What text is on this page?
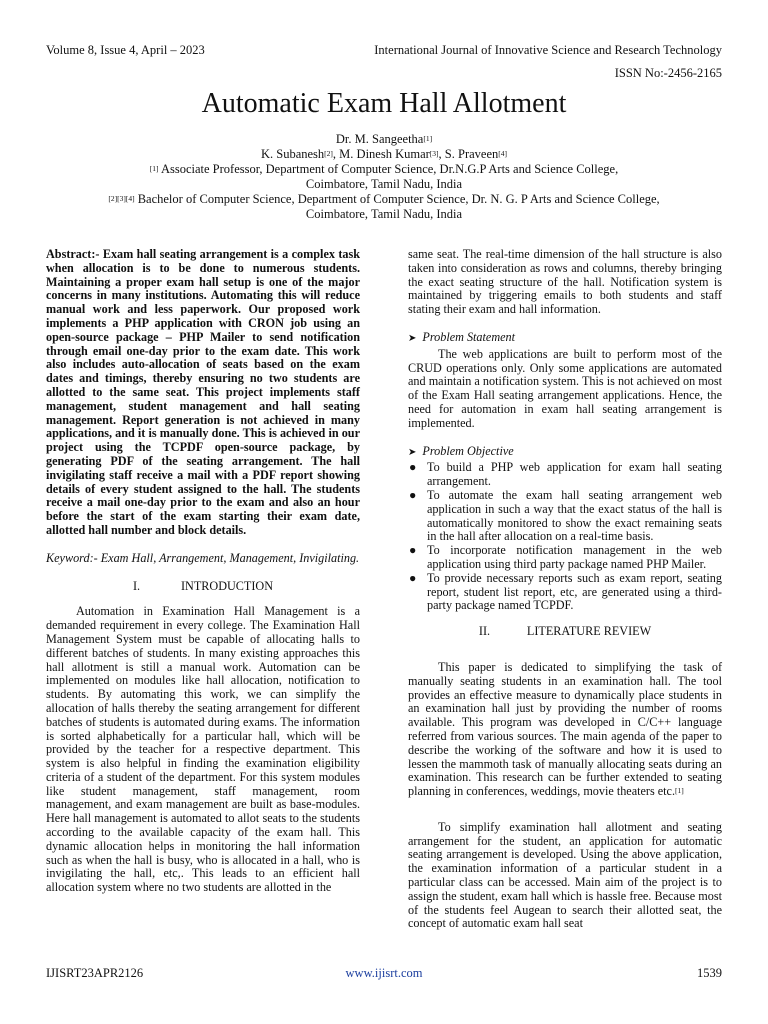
Volume 8, Issue 4, April – 2023	International Journal of Innovative Science and Research Technology
ISSN No:-2456-2165
Automatic Exam Hall Allotment
Dr. M. Sangeetha[1]
K. Subanesh[2], M. Dinesh Kumar[3], S. Praveen[4]
[1] Associate Professor, Department of Computer Science, Dr.N.G.P Arts and Science College,
Coimbatore, Tamil Nadu, India
[2][3][4] Bachelor of Computer Science, Department of Computer Science, Dr. N. G. P Arts and Science College,
Coimbatore, Tamil Nadu, India

Abstract:- Exam hall seating arrangement is a complex task when allocation is to be done to numerous students. Maintaining a proper exam hall setup is one of the major concerns in many institutions. Automating this will reduce manual work and less paperwork. Our proposed work implements a PHP application with CRON job using an open-source package – PHP Mailer to send notification through email one-day prior to the exam date. This work also includes auto-allocation of seats based on the exam dates and timings, thereby ensuring no two students are allotted to the same seat. This project implements staff management, student management and hall seating management. Report generation is not achieved in many applications, and it is manually done. This is achieved in our project using the TCPDF open-source package, by generating PDF of the seating arrangement. The hall invigilating staff receive a mail with a PDF report showing details of every student assigned to the hall. The students receive a mail one-day prior to the exam and also an hour before the start of the exam starting their exam date, allotted hall number and block details.

Keyword:- Exam Hall, Arrangement, Management, Invigilating.

I.	INTRODUCTION

Automation in Examination Hall Management is a demanded requirement in every college. The Examination Hall Management System must be capable of allocating halls to different batches of students. In many existing approaches this hall allotment is still a manual work. Automation can be implemented on modules like hall allocation, notification to students. By automating this work, we can simplify the allocation of halls thereby the seating arrangement for different batches of students is automated during exams. The information is sorted alphabetically for a particular hall, which will be provided by the teacher for a respective department. This system is also helpful in finding the examination eligibility criteria of a student of the department. For this system modules like student management, staff management, room management, and exam management are built as base-modules. Here hall management is automated to allot seats to the students according to the available capacity of the exam hall. This dynamic allocation helps in monitoring the hall information such as when the hall is busy, who is allocated in a hall, who is invigilating the hall, etc,. This leads to an efficient hall allocation system where no two students are allotted in the

same seat. The real-time dimension of the hall structure is also taken into consideration as rows and columns, thereby bringing the exact seating structure of the hall. Notification system is maintained by triggering emails to both students and staff stating their exam and hall information.

➤ Problem Statement

The web applications are built to perform most of the CRUD operations only. Only some applications are automated and maintain a notification system. This is not achieved on most of the Exam Hall seating arrangement applications. Hence, the need for automation in exam hall seating arrangement is implemented.

➤ Problem Objective
● To build a PHP web application for exam hall seating arrangement.
● To automate the exam hall seating arrangement web application in such a way that the exact status of the hall is automatically monitored to show the exact remaining seats in the hall after allocation on a real-time basis.
● To incorporate notification management in the web application using third party package named PHP Mailer.
● To provide necessary reports such as exam report, seating report, student list report, etc, are generated using a third-party package named TCPDF.
II.	LITERATURE REVIEW

This paper is dedicated to simplifying the task of manually seating students in an examination hall. The tool provides an effective measure to dynamically place students in an examination hall just by providing the number of rooms available. This program was developed in C/C++ language referred from various sources. The main agenda of the paper to describe the working of the software and how it is used to lessen the mammoth task of manually allocating seats during an examination. This research can be further extended to seating planning in conferences, weddings, movie theaters etc.[1]

To simplify examination hall allotment and seating arrangement for the student, an application for automatic seating arrangement is developed. Using the above application, the examination information of a particular student in a particular class can be accessed. Main aim of the project is to assign the student, exam hall which is hassle free. Because most of the students feel Augean to search their allotted seat, the concept of automatic exam hall seat

IJISRT23APR2126	www.ijisrt.com	1539
